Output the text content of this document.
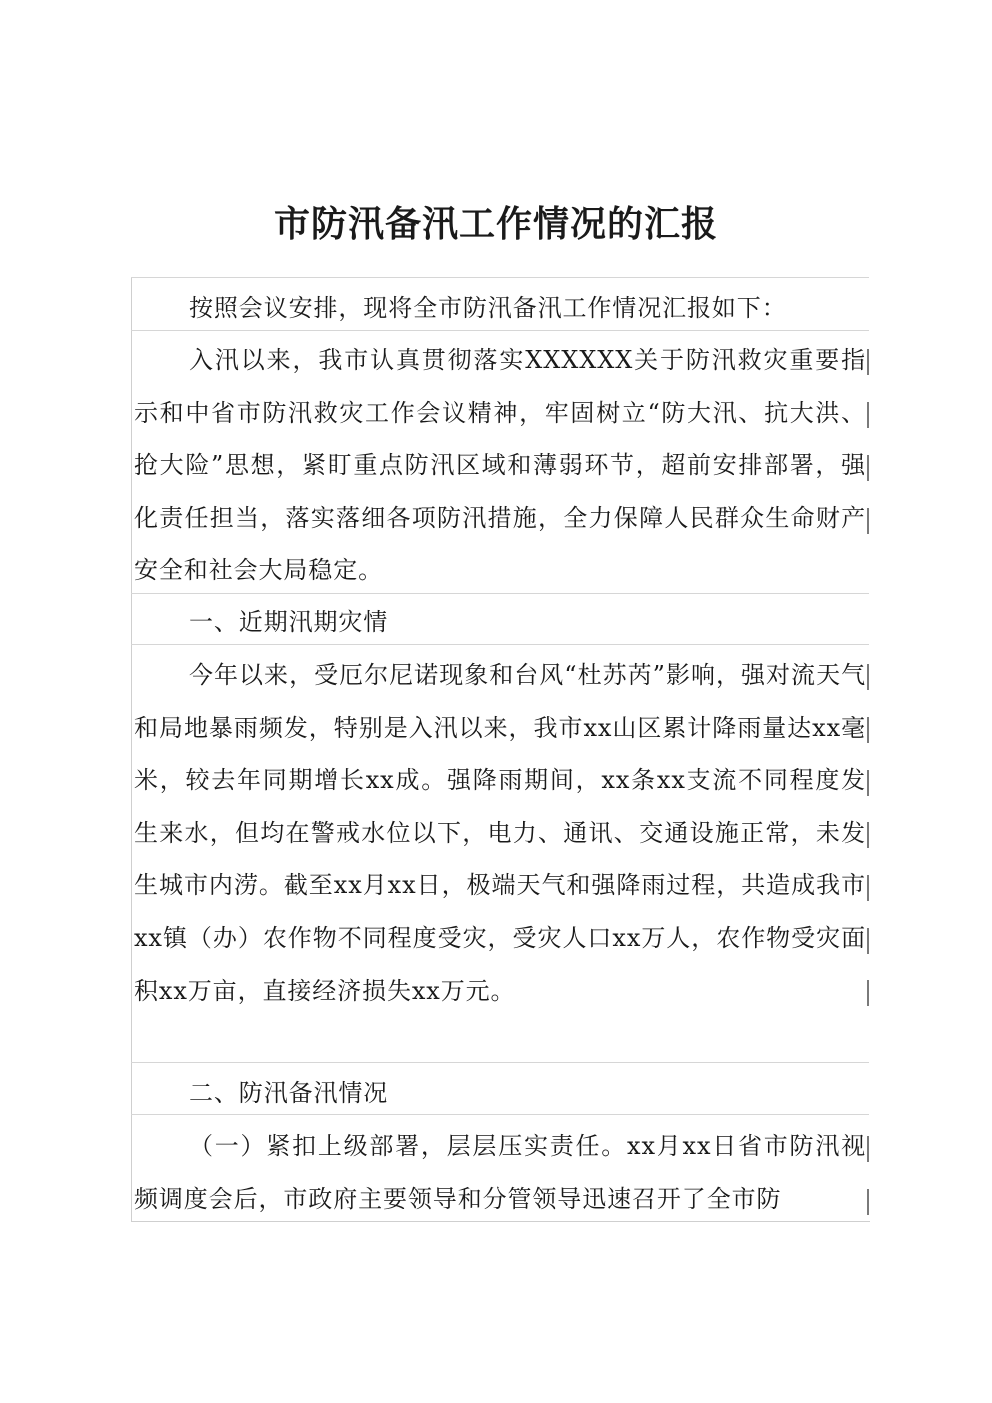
市防汛备汛工作情况的汇报

按照会议安排，现将全市防汛备汛工作情况汇报如下：

入汛以来，我市认真贯彻落实XXXXXX关于防汛救灾重要指示和中省市防汛救灾工作会议精神，牢固树立“防大汛、抗大洪、抢大险”思想，紧盯重点防汛区域和薄弱环节，超前安排部署，强化责任担当，落实落细各项防汛措施，全力保障人民群众生命财产安全和社会大局稳定。

一、近期汛期灾情

今年以来，受厄尔尼诺现象和台风“杜苏芮”影响，强对流天气和局地暴雨频发，特别是入汛以来，我市xx山区累计降雨量达xx毫米，较去年同期增长xx成。强降雨期间，xx条xx支流不同程度发生来水，但均在警戒水位以下，电力、通讯、交通设施正常，未发生城市内涝。截至xx月xx日，极端天气和强降雨过程，共造成我市xx镇（办）农作物不同程度受灾，受灾人口xx万人，农作物受灾面积xx万亩，直接经济损失xx万元。

二、防汛备汛情况

（一）紧扣上级部署，层层压实责任。xx月xx日省市防汛视频调度会后，市政府主要领导和分管领导迅速召开了全市防
